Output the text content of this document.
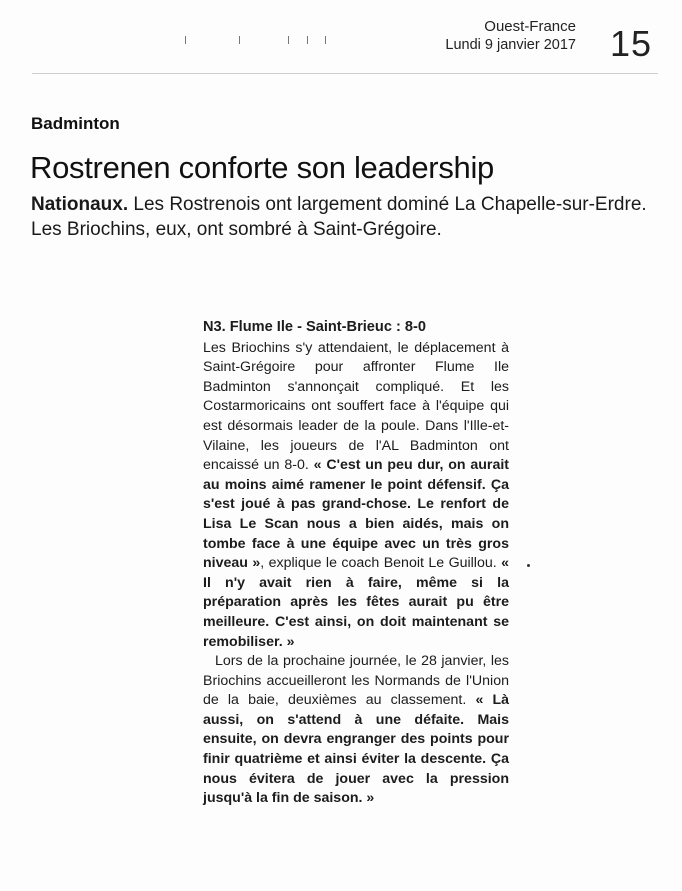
Ouest-France
Lundi 9 janvier 2017 15
Badminton
Rostrenen conforte son leadership
Nationaux. Les Rostrenois ont largement dominé La Chapelle-sur-Erdre. Les Briochins, eux, ont sombré à Saint-Grégoire.
N3. Flume Ile - Saint-Brieuc : 8-0

Les Briochins s'y attendaient, le déplacement à Saint-Grégoire pour affronter Flume Ile Badminton s'annonçait compliqué. Et les Costarmoricains ont souffert face à l'équipe qui est désormais leader de la poule. Dans l'Ille-et-Vilaine, les joueurs de l'AL Badminton ont encaissé un 8-0. « C'est un peu dur, on aurait au moins aimé ramener le point défensif. Ça s'est joué à pas grand-chose. Le renfort de Lisa Le Scan nous a bien aidés, mais on tombe face à une équipe avec un très gros niveau », explique le coach Benoit Le Guillou. « Il n'y avait rien à faire, même si la préparation après les fêtes aurait pu être meilleure. C'est ainsi, on doit maintenant se remobiliser. »

Lors de la prochaine journée, le 28 janvier, les Briochins accueilleront les Normands de l'Union de la baie, deuxièmes au classement. « Là aussi, on s'attend à une défaite. Mais ensuite, on devra engranger des points pour finir quatrième et ainsi éviter la descente. Ça nous évitera de jouer avec la pression jusqu'à la fin de saison. »
